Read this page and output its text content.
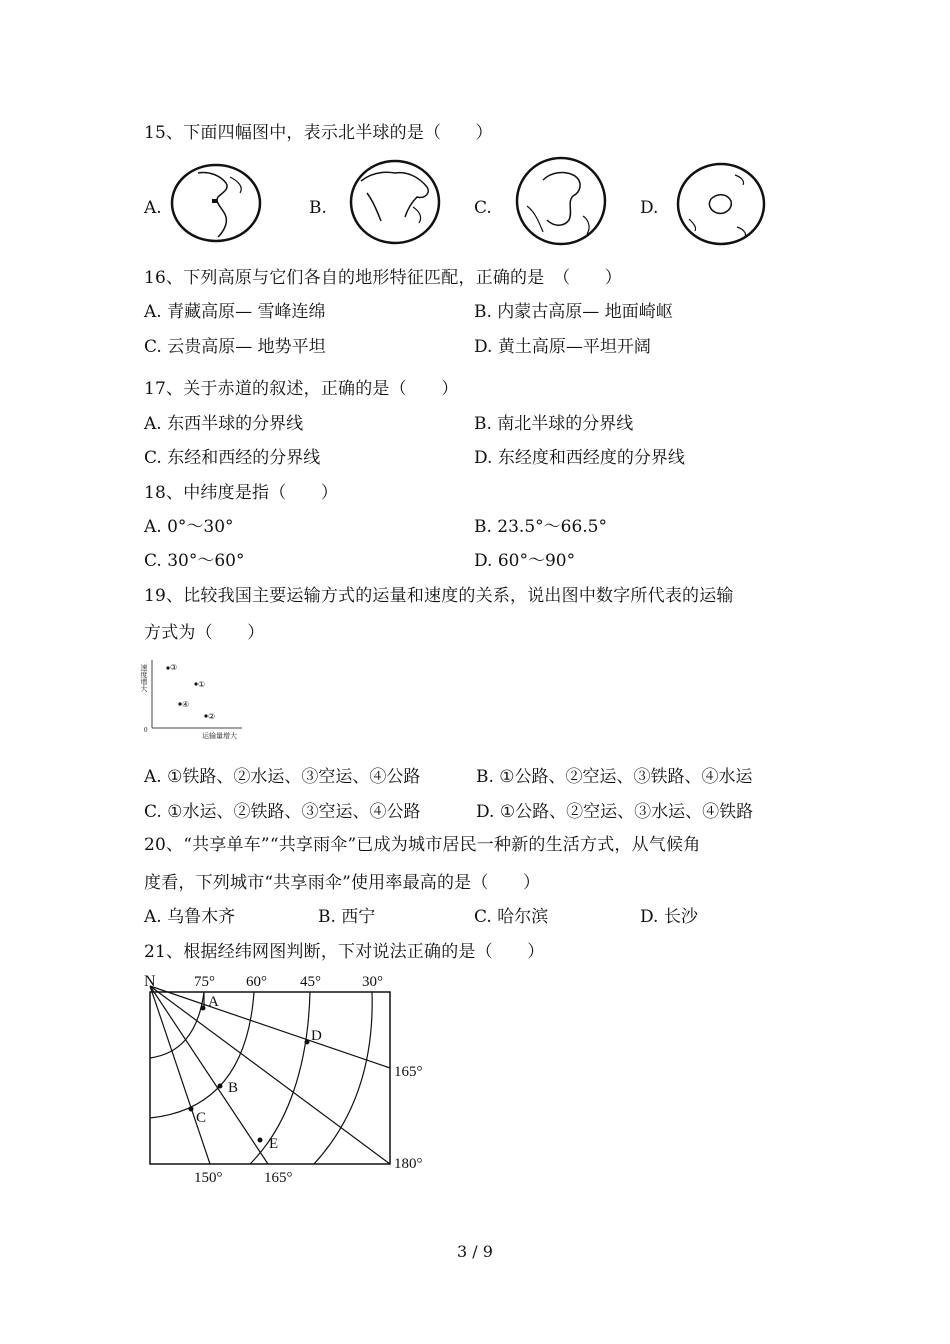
15、下面四幅图中，表示北半球的是（　　）
A.	B.	C.	D.
16、下列高原与它们各自的地形特征匹配，正确的是　（　　）
A. 青藏高原— 雪峰连绵	B. 内蒙古高原— 地面崎岖
C. 云贵高原— 地势平坦	D. 黄土高原—平坦开阔
17、关于赤道的叙述，正确的是（　　）
A. 东西半球的分界线	B. 南北半球的分界线
C. 东经和西经的分界线	D. 东经度和西经度的分界线
18、中纬度是指（　　）
A. 0°～30°	B. 23.5°～66.5°
C. 30°～60°	D. 60°～90°
19、比较我国主要运输方式的运量和速度的关系，说出图中数字所代表的运输
方式为（　　）
0
速度增大
运输量增大
③
①
④
②
A. ①铁路、②水运、③空运、④公路	B. ①公路、②空运、③铁路、④水运
C. ①水运、②铁路、③空运、④公路	D. ①公路、②空运、③水运、④铁路
20、“共享单车”“共享雨伞”已成为城市居民一种新的生活方式，从气候角
度看，下列城市“共享雨伞”使用率最高的是（　　）
A. 乌鲁木齐	B. 西宁	C. 哈尔滨	D. 长沙
21、根据经纬网图判断，下对说法正确的是（　　）
N	75° 60° 45°	30°
165°
180°
150°	165°
A
B
C
D
E
3 / 9
